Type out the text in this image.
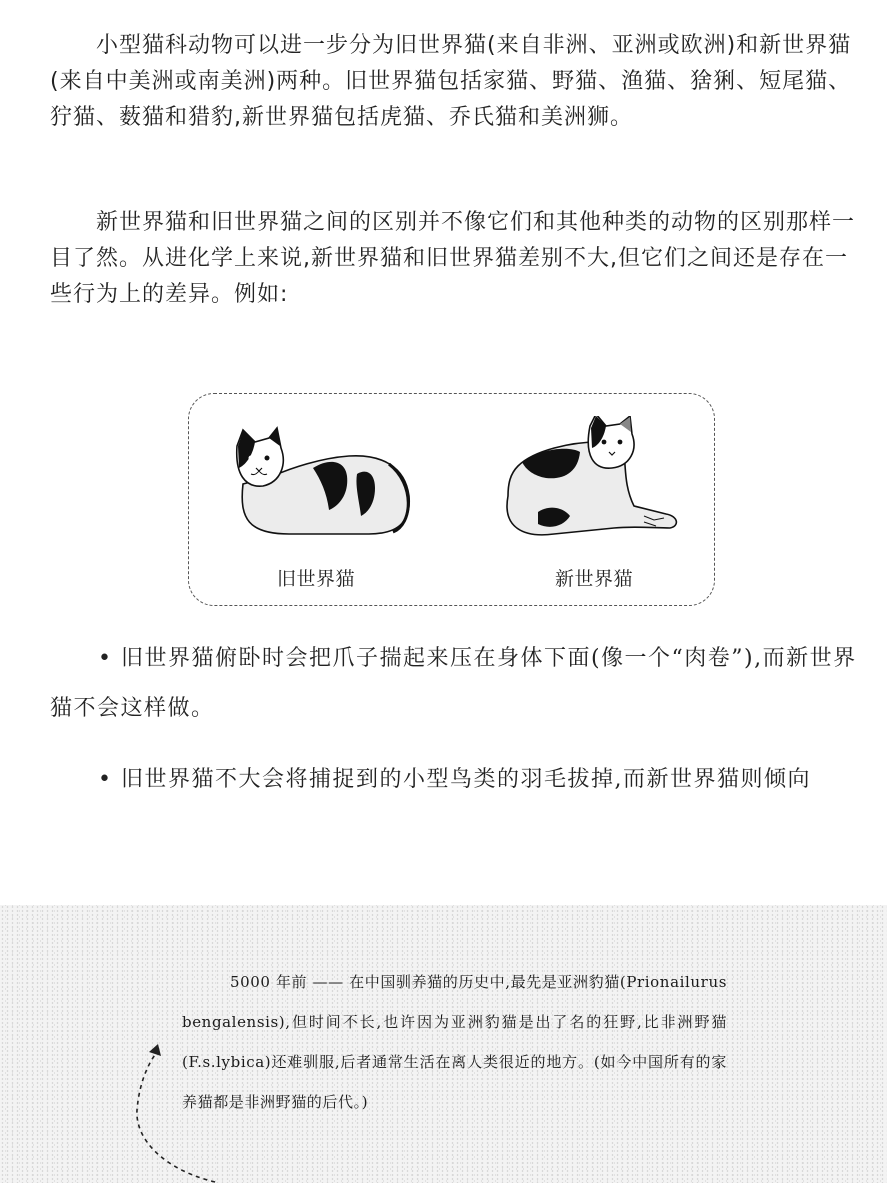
小型猫科动物可以进一步分为旧世界猫(来自非洲、亚洲或欧洲)和新世界猫(来自中美洲或南美洲)两种。旧世界猫包括家猫、野猫、渔猫、猞猁、短尾猫、狞猫、薮猫和猎豹,新世界猫包括虎猫、乔氏猫和美洲狮。

新世界猫和旧世界猫之间的区别并不像它们和其他种类的动物的区别那样一目了然。从进化学上来说,新世界猫和旧世界猫差别不大,但它们之间还是存在一些行为上的差异。例如:

旧世界猫	新世界猫

• 旧世界猫俯卧时会把爪子揣起来压在身体下面(像一个“肉卷”),而新世界猫不会这样做。

• 旧世界猫不大会将捕捉到的小型鸟类的羽毛拔掉,而新世界猫则倾向

5000 年前 —— 在中国驯养猫的历史中,最先是亚洲豹猫(Prionailurus bengalensis),但时间不长,也许因为亚洲豹猫是出了名的狂野,比非洲野猫(F.s.lybica)还难驯服,后者通常生活在离人类很近的地方。(如今中国所有的家养猫都是非洲野猫的后代。)
